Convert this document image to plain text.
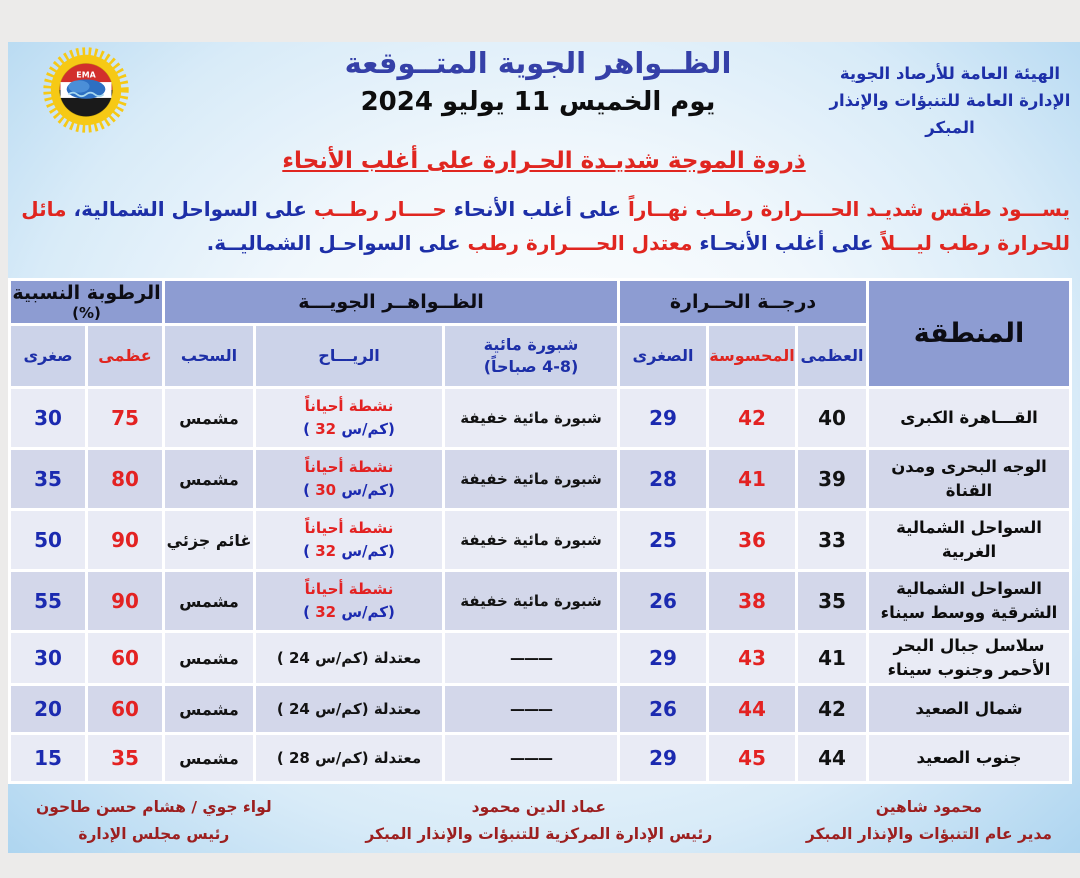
EMA	الظــواهر الجوية المتــوقعة
يوم الخميس 11 يوليو 2024
الهيئة العامة للأرصاد الجوية
الإدارة العامة للتنبؤات والإنذار المبكر
ذروة الموجة شديـدة الحـرارة على أغلب الأنحاء
يســـود طقس شديـد الحــــرارة رطـب نهــاراً على أغلب الأنحاء حــــار رطــب على السواحل الشمالية، مائل للحرارة رطب ليـــلاً على أغلب الأنحـاء معتدل الحــــرارة رطب على السواحـل الشماليــة.
المنطقة
درجــة الحــرارة
الظــواهــر الجويـــة
الرطوبة النسبية
(%)
العظمى
المحسوسة
الصغرى
شبورة مائية
(4-8 صباحاً)
الريـــاح
السحب
عظمى
صغرى
القـــاهرة الكبرى
40
42
29
شبورة مائية خفيفة
نشطة أحياناً
( 32 كم/س)
مشمس
75
30
الوجه البحرى ومدن القناة
39
41
28
شبورة مائية خفيفة
نشطة أحياناً
( 30 كم/س)
مشمس
80
35
السواحل الشمالية الغربية
33
36
25
شبورة مائية خفيفة
نشطة أحياناً
( 32 كم/س)
غائم جزئي
90
50
السواحل الشمالية الشرقية ووسط سيناء
35
38
26
شبورة مائية خفيفة
نشطة أحياناً
( 32 كم/س)
مشمس
90
55
سلاسل جبال البحر الأحمر وجنوب سيناء
41
43
29
———
معتدلة ( 24 كم/س)
مشمس
60
30
شمال الصعيد
42
44
26
———
معتدلة ( 24 كم/س)
مشمس
60
20
جنوب الصعيد
44
45
29
———
معتدلة ( 28 كم/س)
مشمس
35
15
محمود شاهين
مدير عام التنبؤات والإنذار المبكر
عماد الدين محمود
رئيس الإدارة المركزية للتنبؤات والإنذار المبكر
لواء جوي / هشام حسن طاحون
رئيس مجلس الإدارة
